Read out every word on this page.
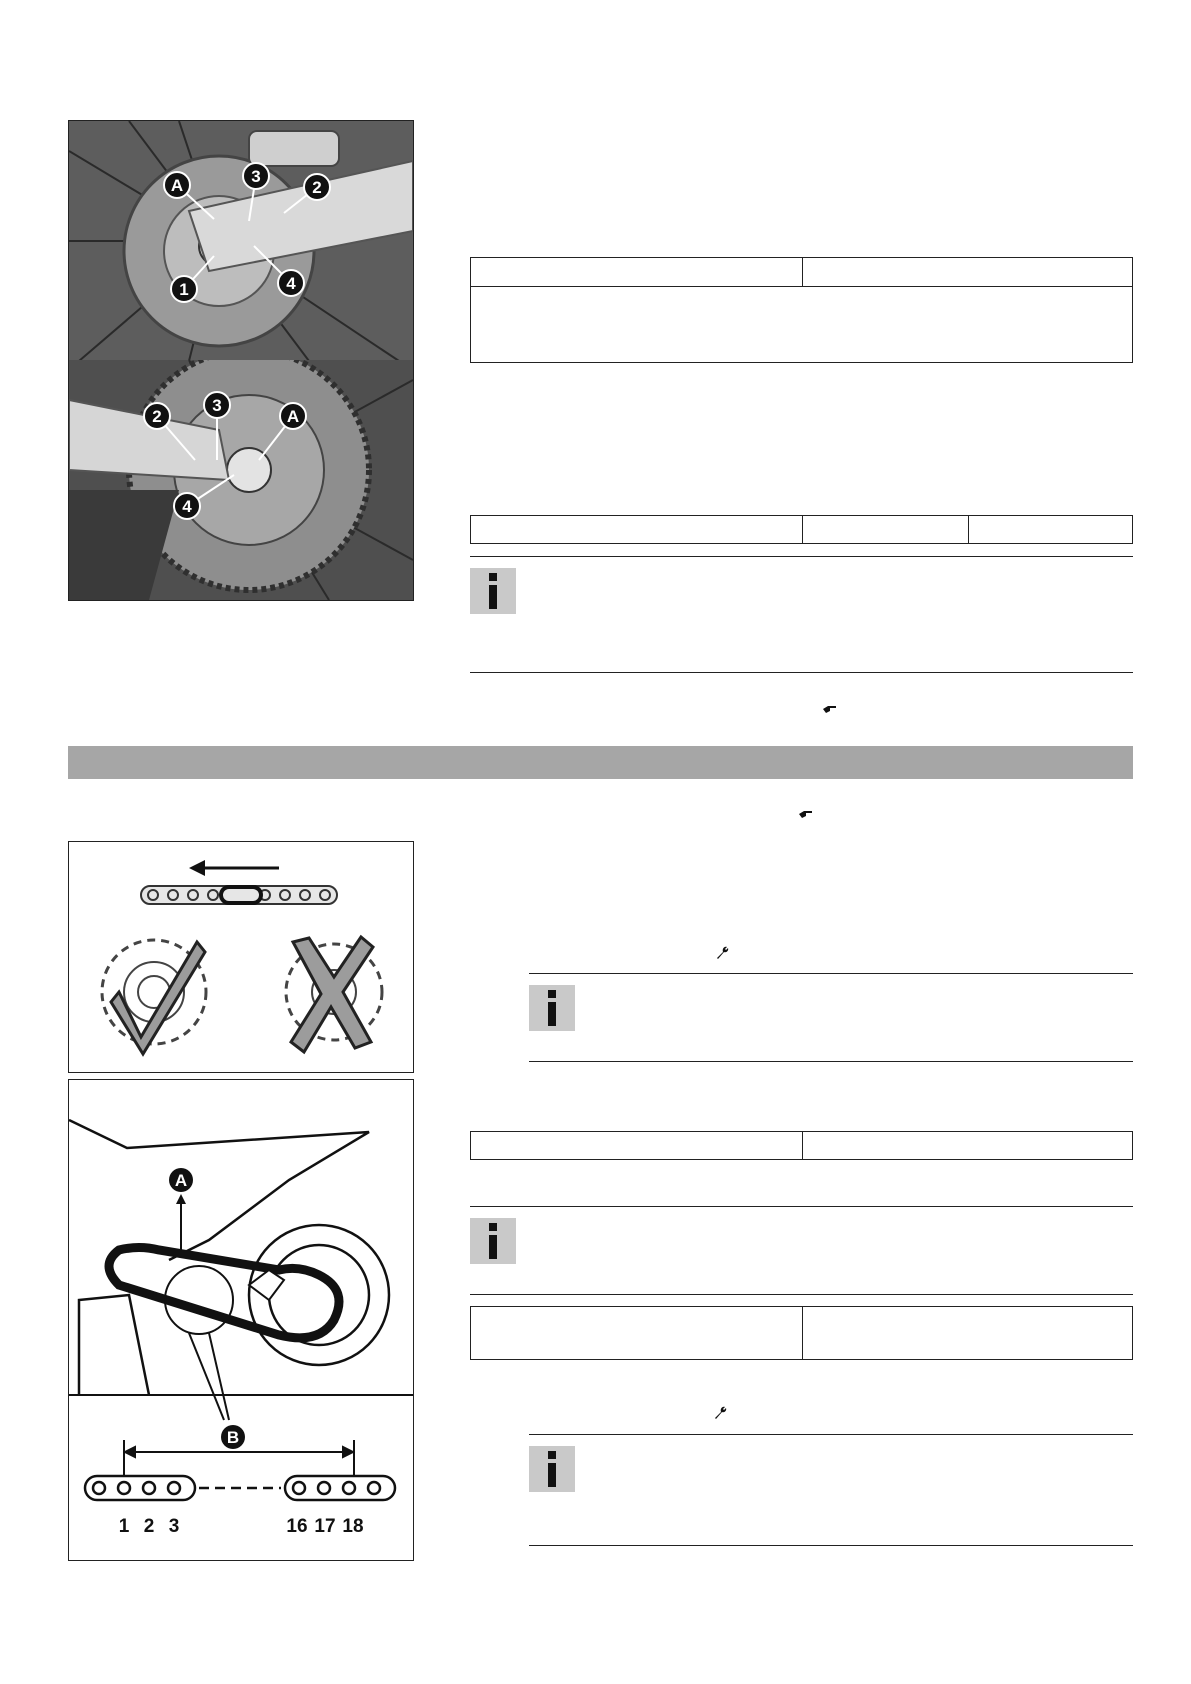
A	3
2
1	4
2
3
A
4
A
B
1 2 3	16 17 18
